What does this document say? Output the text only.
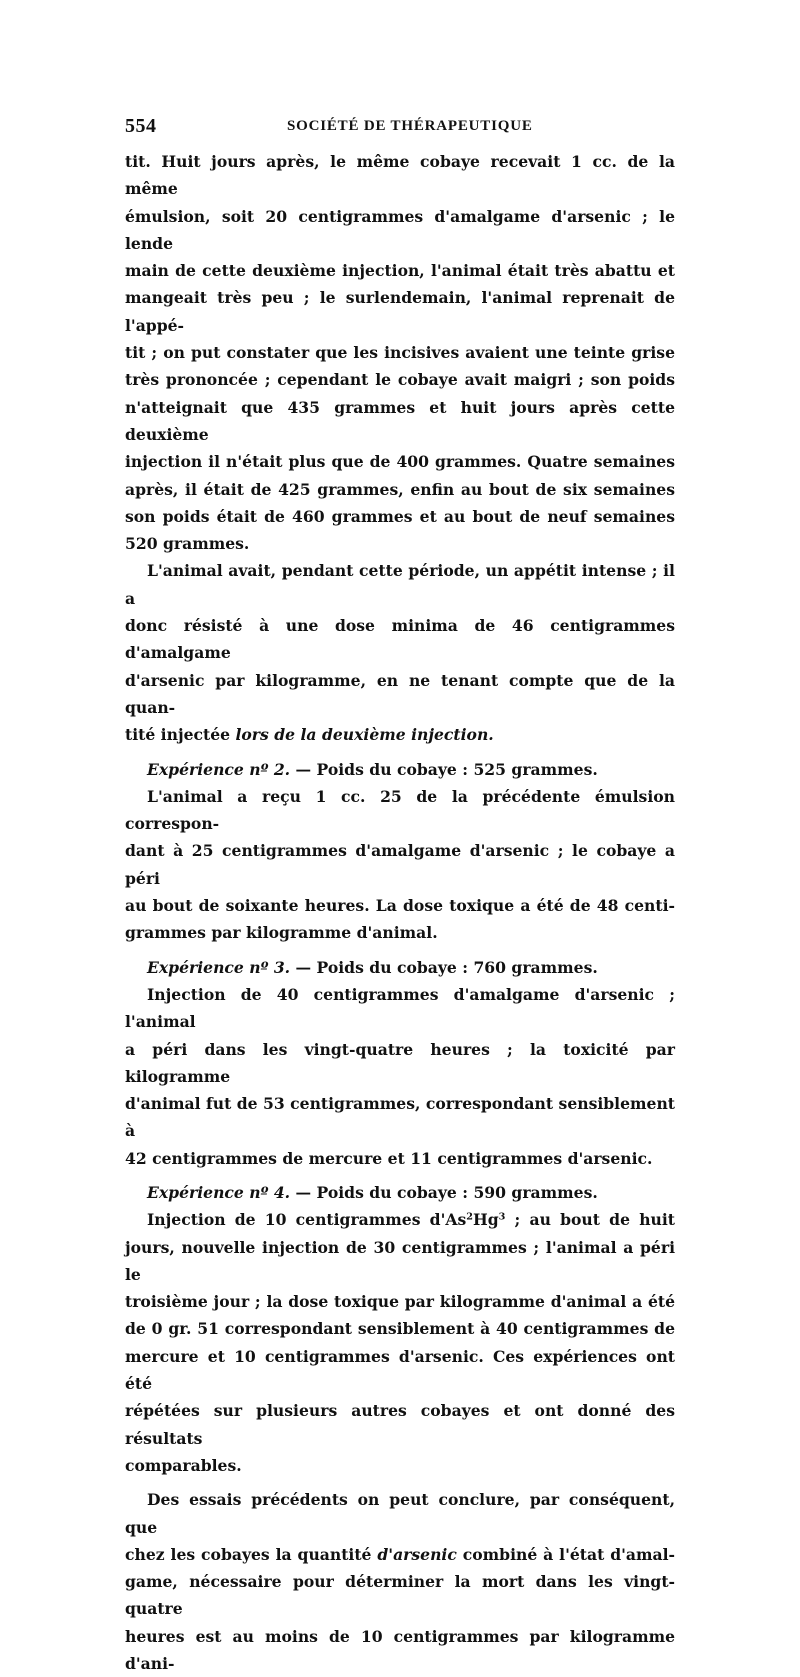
554	SOCIÉTÉ DE THÉRAPEUTIQUE

tit. Huit jours après, le même cobaye recevait 1 cc. de la même

émulsion, soit 20 centigrammes d'amalgame d'arsenic ; le lende

main de cette deuxième injection, l'animal était très abattu et

mangeait très peu ; le surlendemain, l'animal reprenait de l'appé-

tit ; on put constater que les incisives avaient une teinte grise

très prononcée ; cependant le cobaye avait maigri ; son poids

n'atteignait que 435 grammes et huit jours après cette deuxième

injection il n'était plus que de 400 grammes. Quatre semaines

après, il était de 425 grammes, enfin au bout de six semaines

son poids était de 460 grammes et au bout de neuf semaines

520 grammes.

L'animal avait, pendant cette période, un appétit intense ; il a

donc résisté à une dose minima de 46 centigrammes d'amalgame

d'arsenic par kilogramme, en ne tenant compte que de la quan-

tité injectée lors de la deuxième injection.

Expérience nº 2. — Poids du cobaye : 525 grammes.

L'animal a reçu 1 cc. 25 de la précédente émulsion correspon-

dant à 25 centigrammes d'amalgame d'arsenic ; le cobaye a péri

au bout de soixante heures. La dose toxique a été de 48 centi-

grammes par kilogramme d'animal.

Expérience nº 3. — Poids du cobaye : 760 grammes.

Injection de 40 centigrammes d'amalgame d'arsenic ; l'animal

a péri dans les vingt-quatre heures ; la toxicité par kilogramme

d'animal fut de 53 centigrammes, correspondant sensiblement à

42 centigrammes de mercure et 11 centigrammes d'arsenic.

Expérience nº 4. — Poids du cobaye : 590 grammes.

Injection de 10 centigrammes d'As$^2$Hg$^3$ ; au bout de huit

jours, nouvelle injection de 30 centigrammes ; l'animal a péri le

troisième jour ; la dose toxique par kilogramme d'animal a été

de 0 gr. 51 correspondant sensiblement à 40 centigrammes de

mercure et 10 centigrammes d'arsenic. Ces expériences ont été

répétées sur plusieurs autres cobayes et ont donné des résultats

comparables.

Des essais précédents on peut conclure, par conséquent, que

chez les cobayes la quantité d'arsenic combiné à l'état d'amal-

game, nécessaire pour déterminer la mort dans les vingt-quatre

heures est au moins de 10 centigrammes par kilogramme d'ani-
